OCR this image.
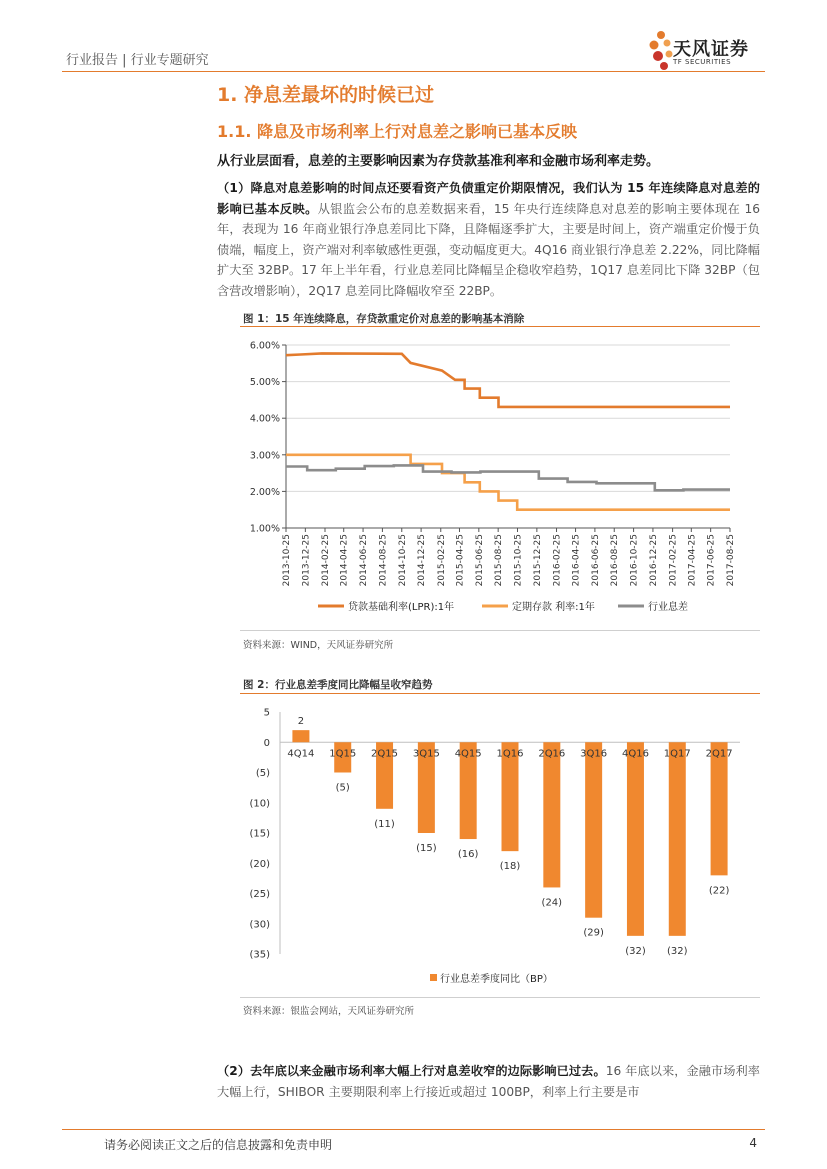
行业报告 | 行业专题研究
天风证券
TF SECURITIES
1. 净息差最坏的时候已过
1.1. 降息及市场利率上行对息差之影响已基本反映
从行业层面看，息差的主要影响因素为存贷款基准利率和金融市场利率走势。
（1）降息对息差影响的时间点还要看资产负债重定价期限情况，我们认为 15 年连续降息对息差的影响已基本反映。从银监会公布的息差数据来看，15 年央行连续降息对息差的影响主要体现在 16 年，表现为 16 年商业银行净息差同比下降，且降幅逐季扩大，主要是时间上，资产端重定价慢于负债端，幅度上，资产端对利率敏感性更强，变动幅度更大。4Q16 商业银行净息差 2.22%，同比降幅扩大至 32BP。17 年上半年看，行业息差同比降幅呈企稳收窄趋势，1Q17 息差同比下降 32BP（包含营改增影响），2Q17 息差同比降幅收窄至 22BP。
图 1：15 年连续降息，存贷款重定价对息差的影响基本消除
1.00%
2.00%
3.00%
4.00%
5.00%
6.00%
2013-10-25 2013-12-25 2014-02-25 2014-04-25 2014-06-25 2014-08-25 2014-10-25 2014-12-25 2015-02-25 2015-04-25 2015-06-25 2015-08-25 2015-10-25 2015-12-25 2016-02-25 2016-04-25 2016-06-25 2016-08-25 2016-10-25 2016-12-25 2017-02-25 2017-04-25 2017-06-25 2017-08-25
贷款基础利率(LPR):1年	定期存款 利率:1年	行业息差
资料来源：WIND，天风证券研究所
图 2：行业息差季度同比降幅呈收窄趋势
5
0
(5)
(10)
(15)
(20)
(25)
(30)
(35)
4Q14
2
1Q15
(5)
2Q15
(11)
3Q15
(15)
4Q15
(16)
1Q16
(18)
2Q16
(24)
3Q16
(29)
4Q16
(32)
1Q17
(32)
2Q17
(22)
行业息差季度同比（BP）
资料来源：银监会网站，天风证券研究所
（2）去年底以来金融市场利率大幅上行对息差收窄的边际影响已过去。16 年底以来，金融市场利率大幅上行，SHIBOR 主要期限利率上行接近或超过 100BP，利率上行主要是市
请务必阅读正文之后的信息披露和免责申明	4
